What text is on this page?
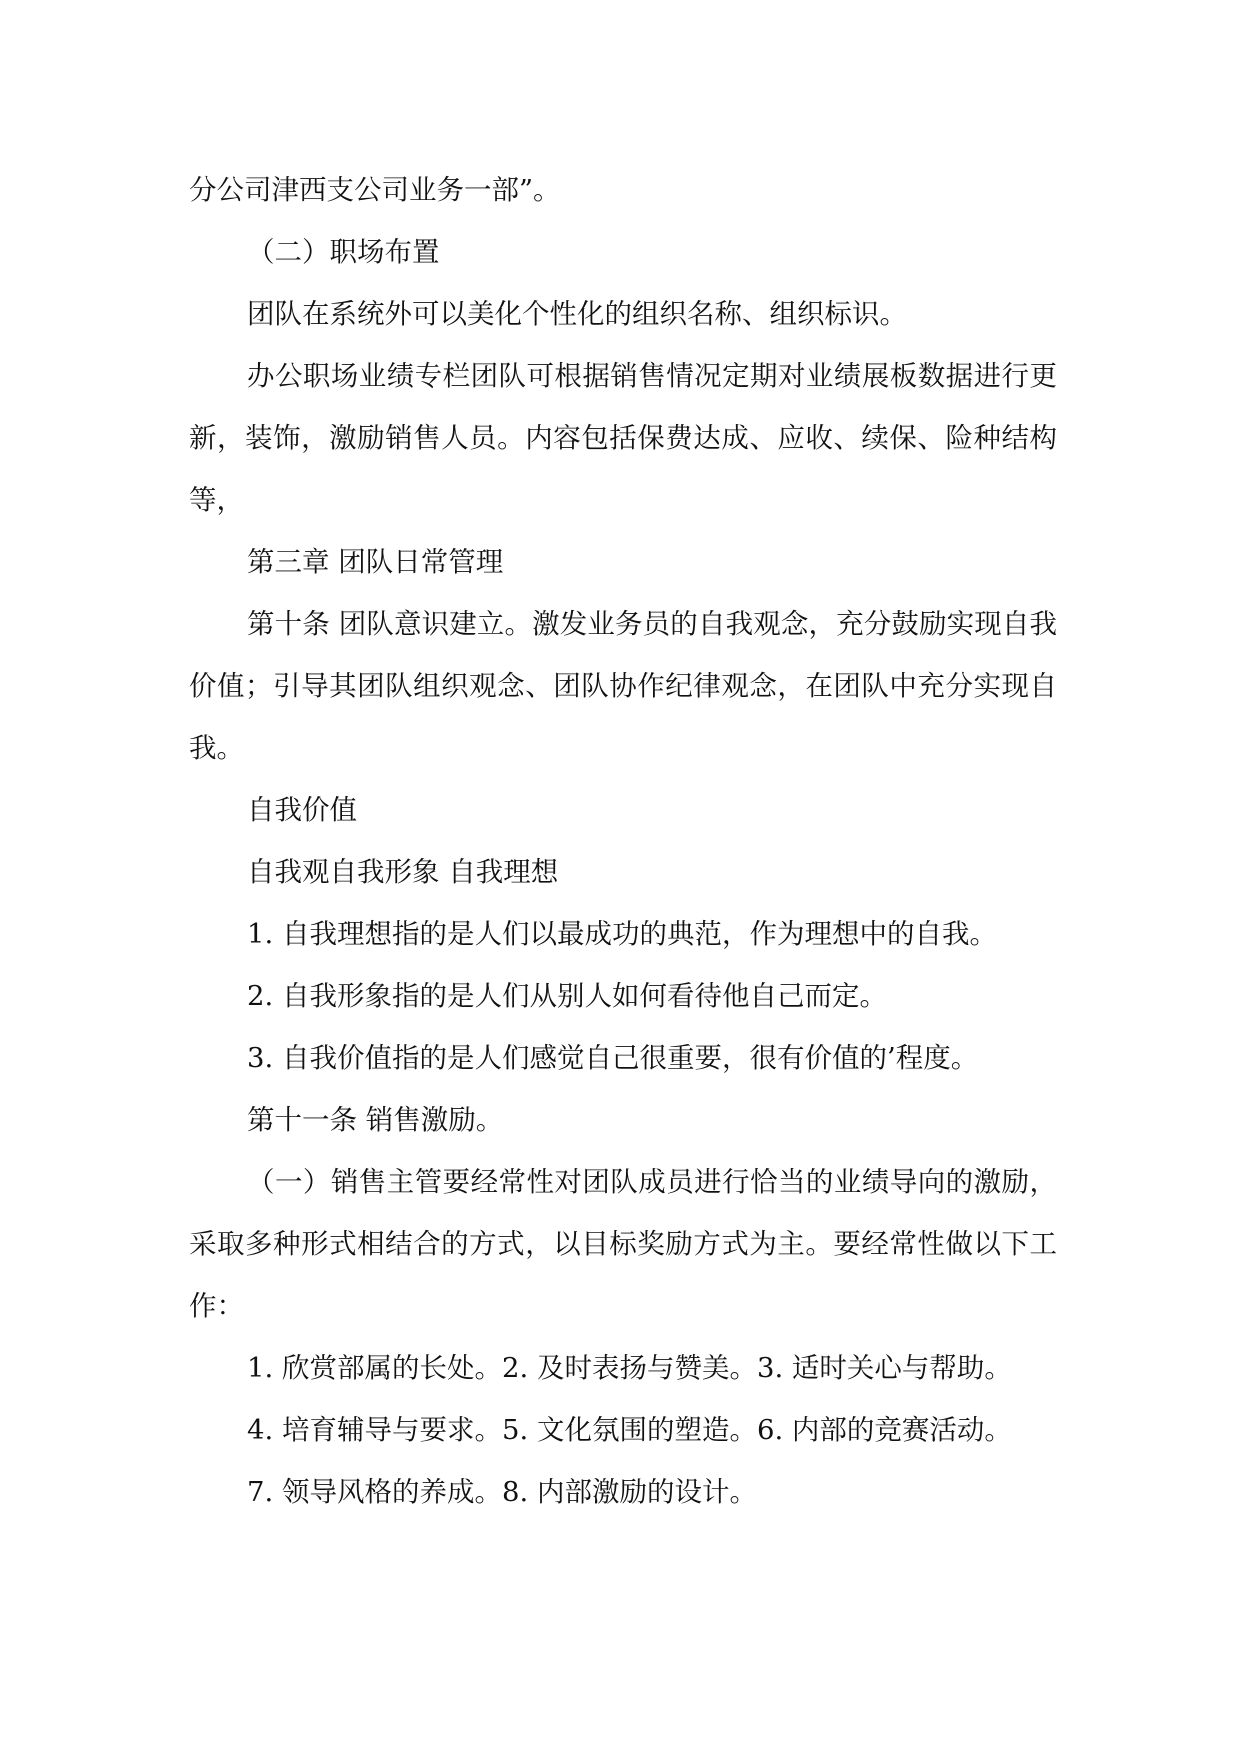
分公司津西支公司业务一部”。

（二）职场布置

团队在系统外可以美化个性化的组织名称、组织标识。

办公职场业绩专栏团队可根据销售情况定期对业绩展板数据进行更新，装饰，激励销售人员。内容包括保费达成、应收、续保、险种结构等，

第三章 团队日常管理

第十条 团队意识建立。激发业务员的自我观念，充分鼓励实现自我价值；引导其团队组织观念、团队协作纪律观念，在团队中充分实现自我。

自我价值

自我观自我形象 自我理想

1. 自我理想指的是人们以最成功的典范，作为理想中的自我。

2. 自我形象指的是人们从别人如何看待他自己而定。

3. 自我价值指的是人们感觉自己很重要，很有价值的’程度。

第十一条 销售激励。

（一）销售主管要经常性对团队成员进行恰当的业绩导向的激励，采取多种形式相结合的方式，以目标奖励方式为主。要经常性做以下工作：

1. 欣赏部属的长处。2. 及时表扬与赞美。3. 适时关心与帮助。

4. 培育辅导与要求。5. 文化氛围的塑造。6. 内部的竞赛活动。

7. 领导风格的养成。8. 内部激励的设计。
